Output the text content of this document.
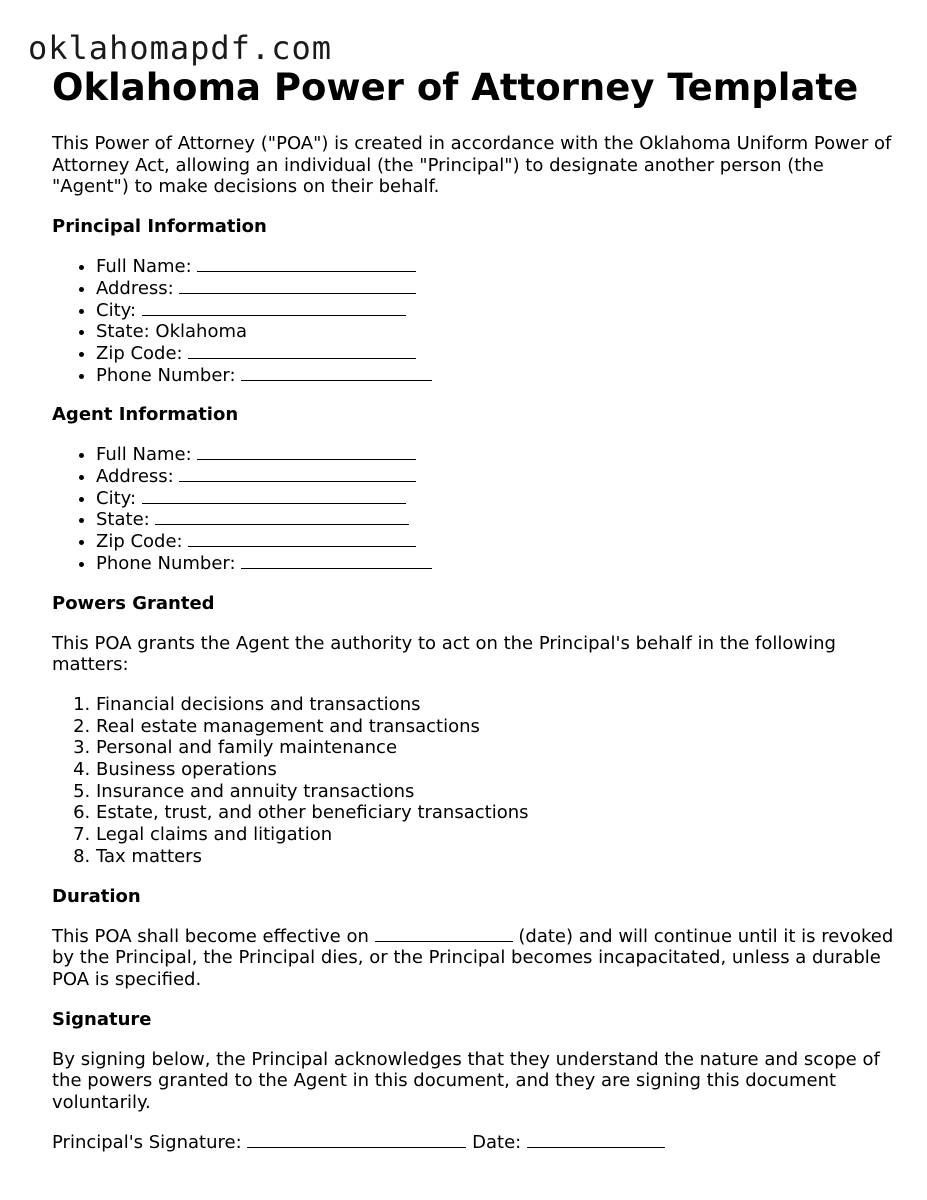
oklahomapdf.com
Oklahoma Power of Attorney Template

This Power of Attorney ("POA") is created in accordance with the Oklahoma Uniform Power of Attorney Act, allowing an individual (the "Principal") to designate another person (the "Agent") to make decisions on their behalf.

Principal Information
• Full Name:
• Address:
• City:
• State: Oklahoma
• Zip Code:
• Phone Number:
Agent Information
• Full Name:
• Address:
• City:
• State:
• Zip Code:
• Phone Number:
Powers Granted

This POA grants the Agent the authority to act on the Principal's behalf in the following matters:

1. Financial decisions and transactions
2. Real estate management and transactions
3. Personal and family maintenance
4. Business operations
5. Insurance and annuity transactions
6. Estate, trust, and other beneficiary transactions
7. Legal claims and litigation
8. Tax matters
Duration

This POA shall become effective on	(date) and will continue until it is revoked by the Principal, the Principal dies, or the Principal becomes incapacitated, unless a durable POA is specified.

Signature

By signing below, the Principal acknowledges that they understand the nature and scope of the powers granted to the Agent in this document, and they are signing this document voluntarily.

Principal's Signature:	Date:
